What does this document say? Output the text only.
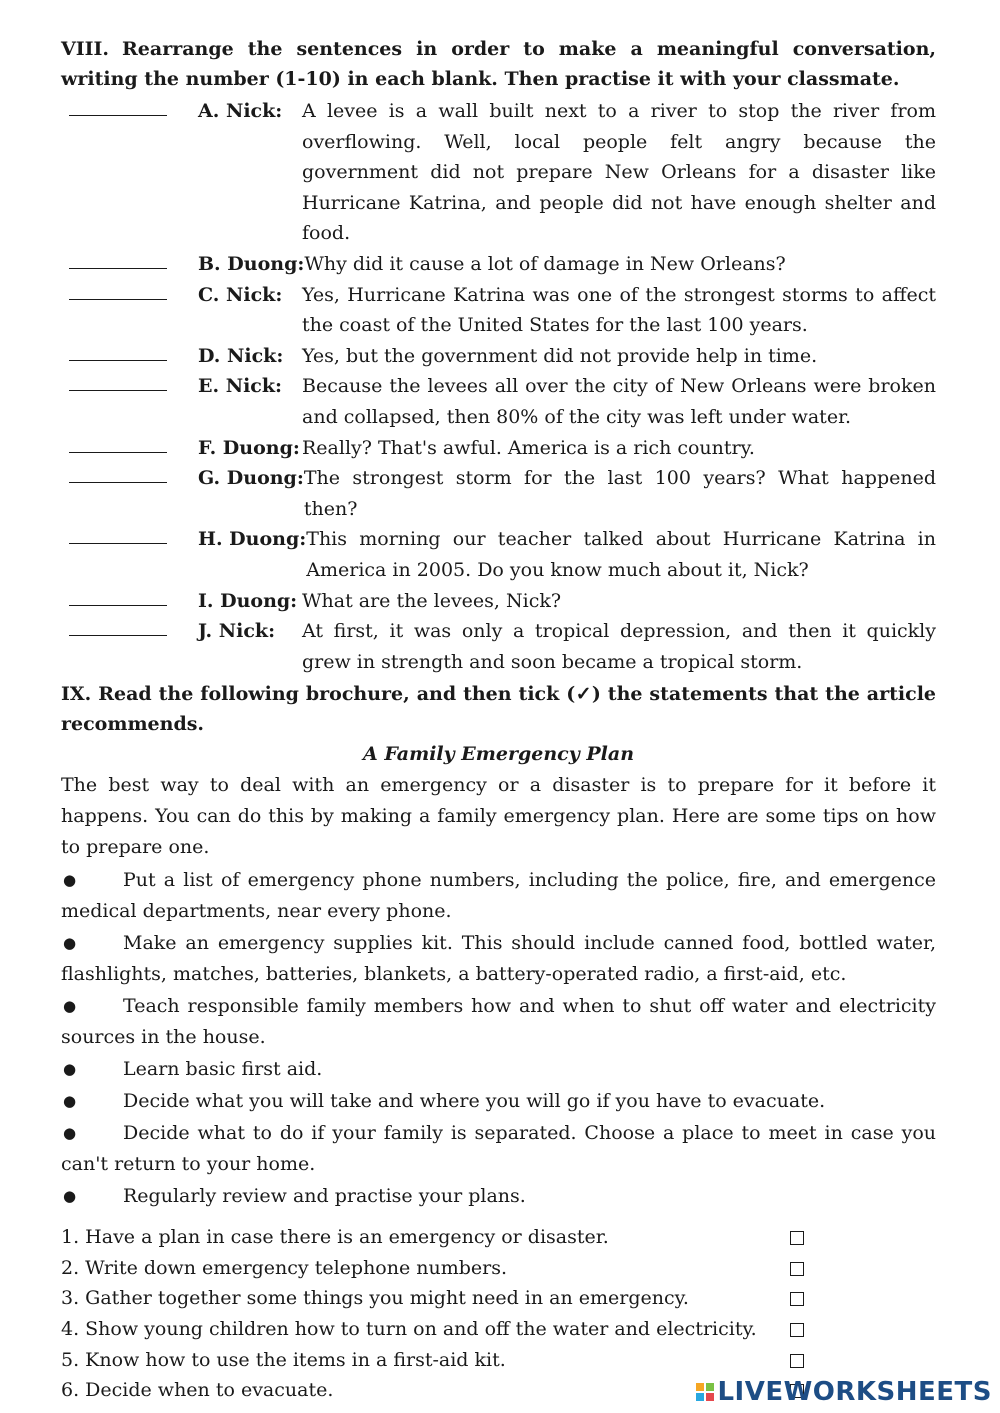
VIII. Rearrange the sentences in order to make a meaningful conversation, writing the number (1-10) in each blank. Then practise it with your classmate.

A. Nick:	A levee is a wall built next to a river to stop the river from overflowing. Well, local people felt angry because the government did not prepare New Orleans for a disaster like Hurricane Katrina, and people did not have enough shelter and food.
B. Duong: Why did it cause a lot of damage in New Orleans?
C. Nick:	Yes, Hurricane Katrina was one of the strongest storms to affect the coast of the United States for the last 100 years.
D. Nick: Yes, but the government did not provide help in time.
E. Nick:	Because the levees all over the city of New Orleans were broken and collapsed, then 80% of the city was left under water.
F. Duong: Really? That's awful. America is a rich country.
G. Duong: The strongest storm for the last 100 years? What happened then?
H. Duong: This morning our teacher talked about Hurricane Katrina in America in 2005. Do you know much about it, Nick?
I. Duong: What are the levees, Nick?
J. Nick:	At first, it was only a tropical depression, and then it quickly grew in strength and soon became a tropical storm.

IX. Read the following brochure, and then tick (✓) the statements that the article recommends.

A Family Emergency Plan

The best way to deal with an emergency or a disaster is to prepare for it before it happens. You can do this by making a family emergency plan. Here are some tips on how to prepare one.

● Put a list of emergency phone numbers, including the police, fire, and emergence medical departments, near every phone.

● Make an emergency supplies kit. This should include canned food, bottled water, flashlights, matches, batteries, blankets, a battery-operated radio, a first-aid, etc.

● Teach responsible family members how and when to shut off water and electricity sources in the house.

● Learn basic first aid.

● Decide what you will take and where you will go if you have to evacuate.

● Decide what to do if your family is separated. Choose a place to meet in case you can't return to your home.

● Regularly review and practise your plans.

1. Have a plan in case there is an emergency or disaster.
2. Write down emergency telephone numbers.
3. Gather together some things you might need in an emergency.
4. Show young children how to turn on and off the water and electricity.
5. Know how to use the items in a first-aid kit.
6. Decide when to evacuate.	LIVEWORKSHEETS
